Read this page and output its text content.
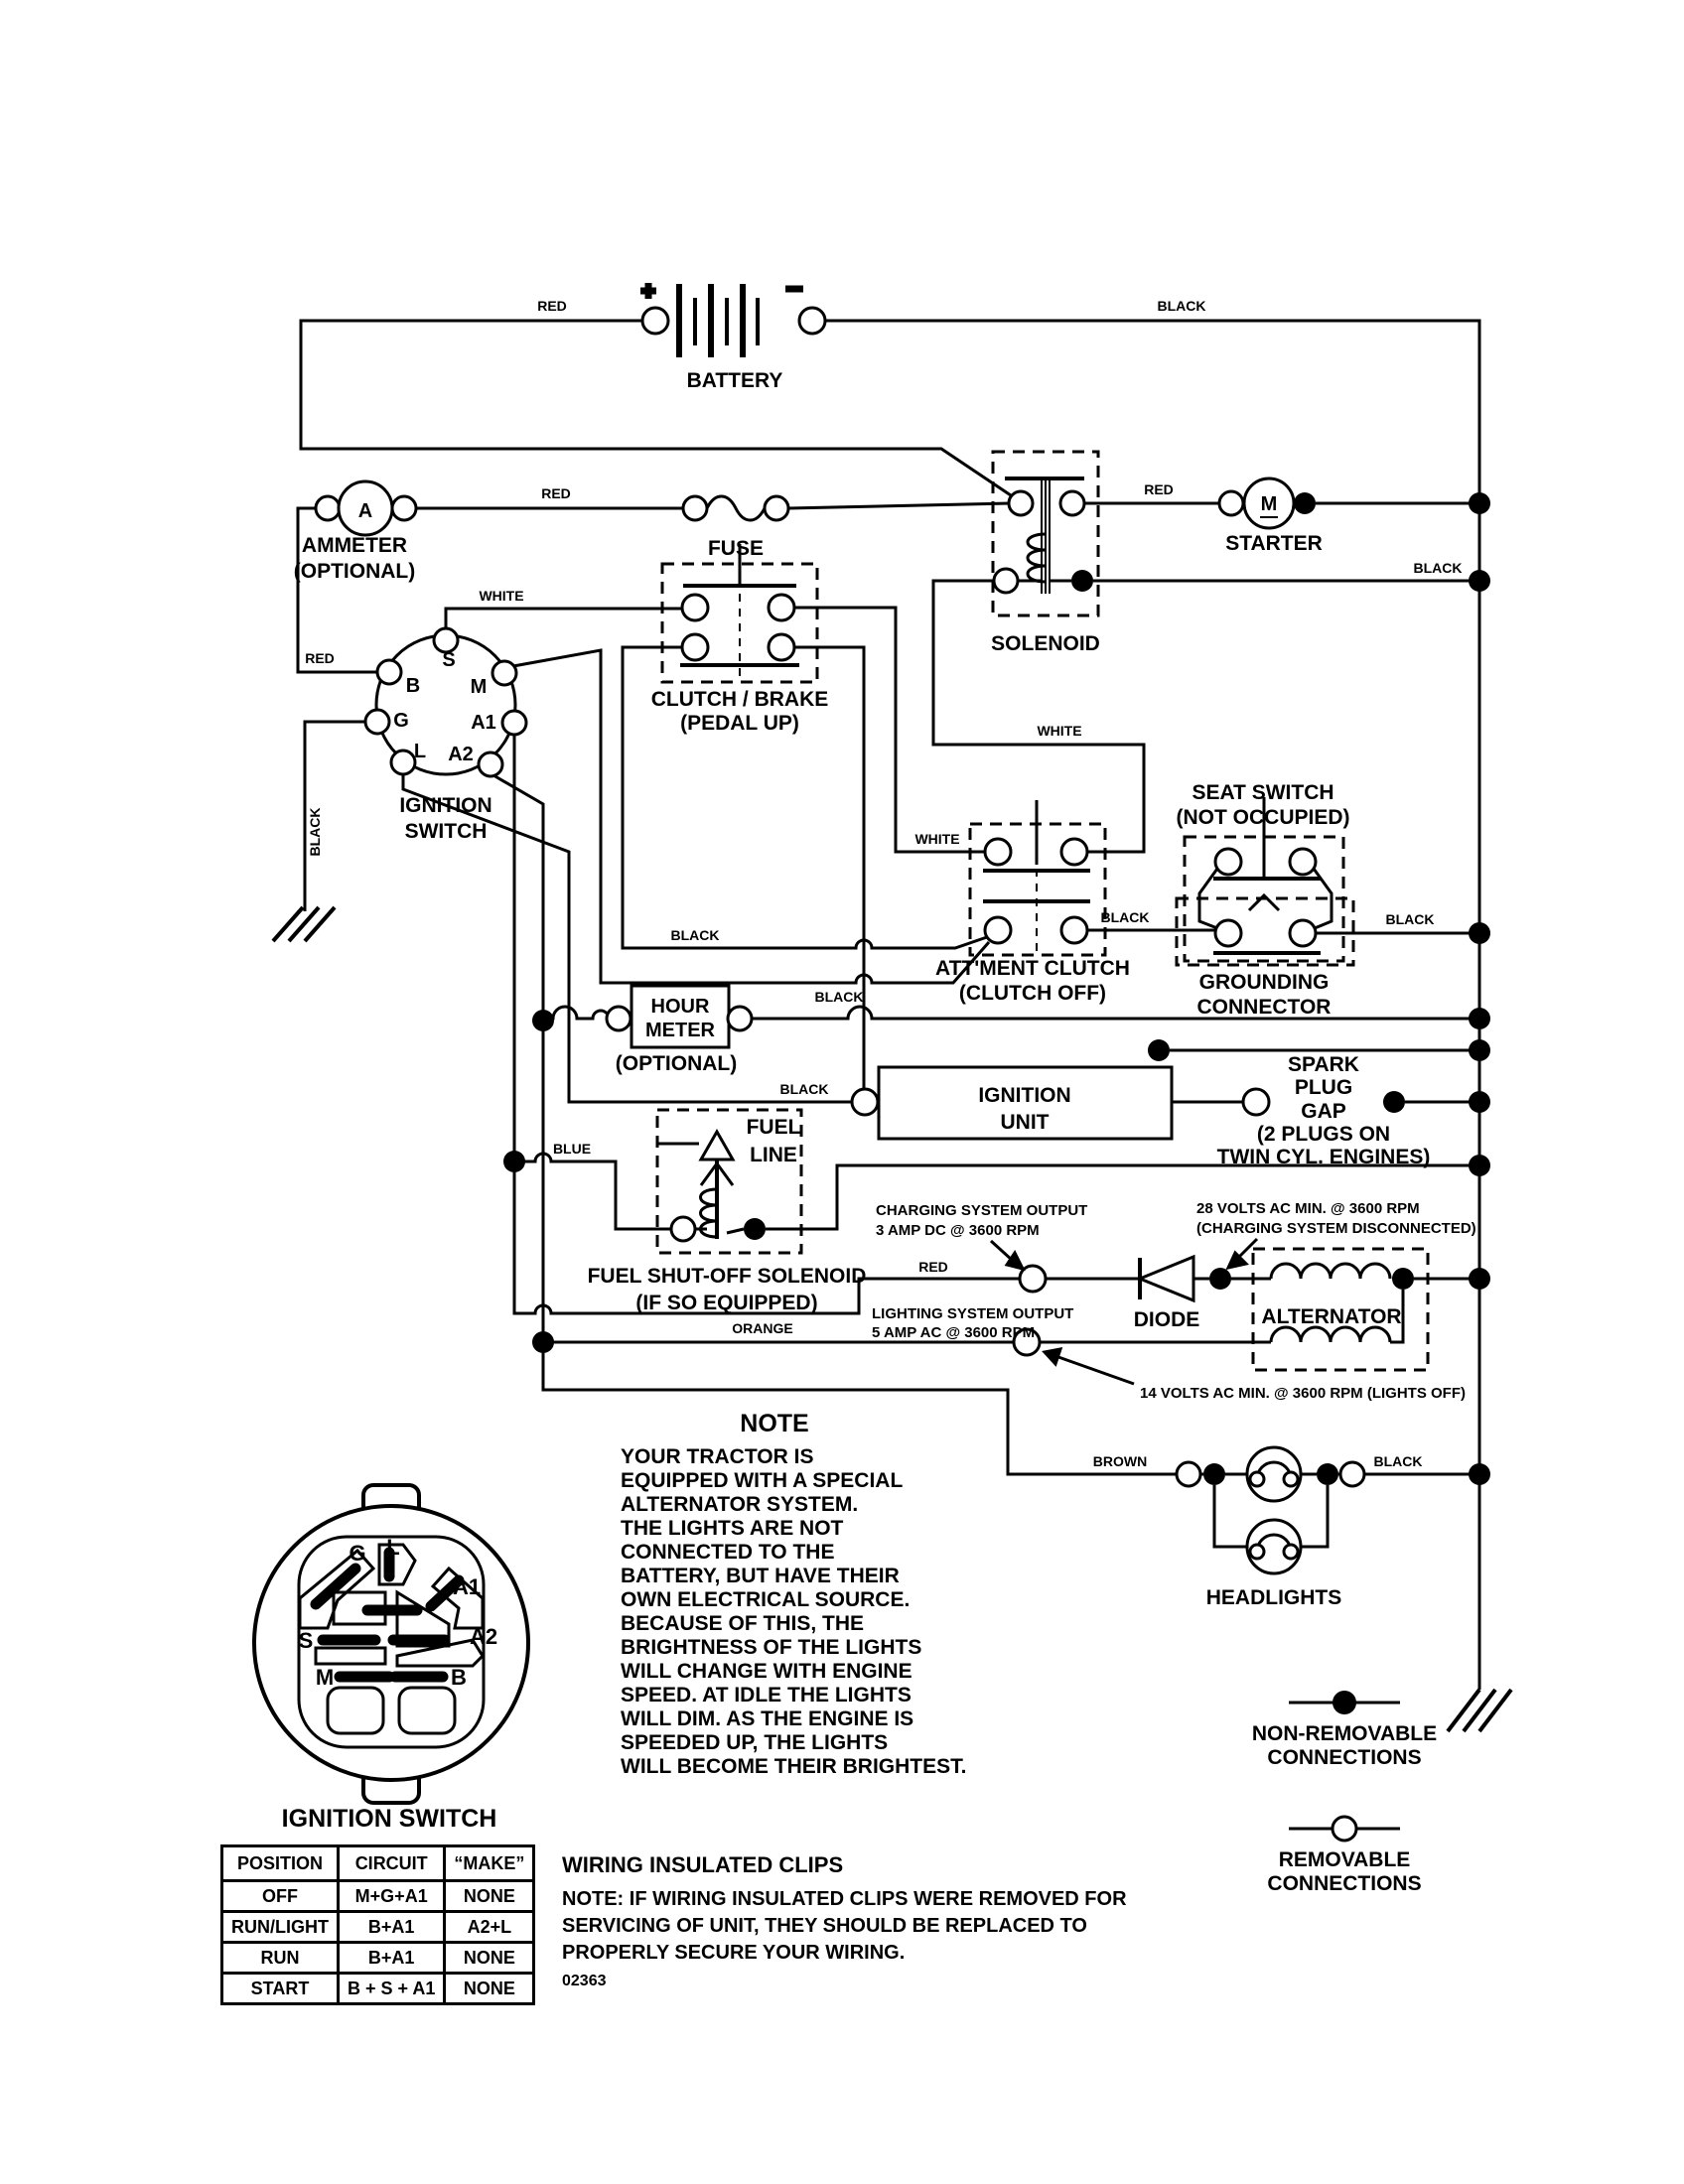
A	M
S
B	M
G	A1
L A2
HOUR
METER
IGNITION
UNIT
NON-REMOVABLE
CONNECTIONS
REMOVABLE
CONNECTIONS
G L
A1
A2
S
M	B
IGNITION SWITCH
BATTERY
AMMETER
(OPTIONAL)
FUSE
SOLENOID
STARTER
CLUTCH / BRAKE
(PEDAL UP)
IGNITION
SWITCH
SEAT SWITCH
(NOT OCCUPIED)
ATT'MENT CLUTCH
(CLUTCH OFF)	GROUNDING
CONNECTOR
(OPTIONAL)	SPARK
PLUG
GAP
(2 PLUGS ON
TWIN CYL. ENGINES)
FUEL
LINE
FUEL SHUT-OFF SOLENOID
(IF SO EQUIPPED)
DIODE	ALTERNATOR
HEADLIGHTS
RED	BLACK
RED	RED
BLACK
WHITE
RED
BLACK
WHITE
WHITE
BLACK	BLACK
BLACK
BLACK
BLACK
BLUE
RED
ORANGE
BROWN	BLACK
CHARGING SYSTEM OUTPUT
3 AMP DC @ 3600 RPM
28 VOLTS AC MIN. @ 3600 RPM
(CHARGING SYSTEM DISCONNECTED)
LIGHTING SYSTEM OUTPUT
5 AMP AC @ 3600 RPM
14 VOLTS AC MIN. @ 3600 RPM (LIGHTS OFF)
NOTE
YOUR TRACTOR IS
EQUIPPED WITH A SPECIAL
ALTERNATOR SYSTEM.
THE LIGHTS ARE NOT
CONNECTED TO THE
BATTERY, BUT HAVE THEIR
OWN ELECTRICAL SOURCE.
BECAUSE OF THIS, THE
BRIGHTNESS OF THE LIGHTS
WILL CHANGE WITH ENGINE
SPEED. AT IDLE THE LIGHTS
WILL DIM. AS THE ENGINE IS
SPEEDED UP, THE LIGHTS
WILL BECOME THEIR BRIGHTEST.
POSITION	CIRCUIT	“MAKE”
OFF	M+G+A1	NONE
RUN/LIGHT	B+A1	A2+L
RUN	B+A1	NONE
START	B + S + A1	NONE

WIRING INSULATED CLIPS

NOTE: IF WIRING INSULATED CLIPS WERE REMOVED FOR

SERVICING OF UNIT, THEY SHOULD BE REPLACED TO

PROPERLY SECURE YOUR WIRING.

02363
